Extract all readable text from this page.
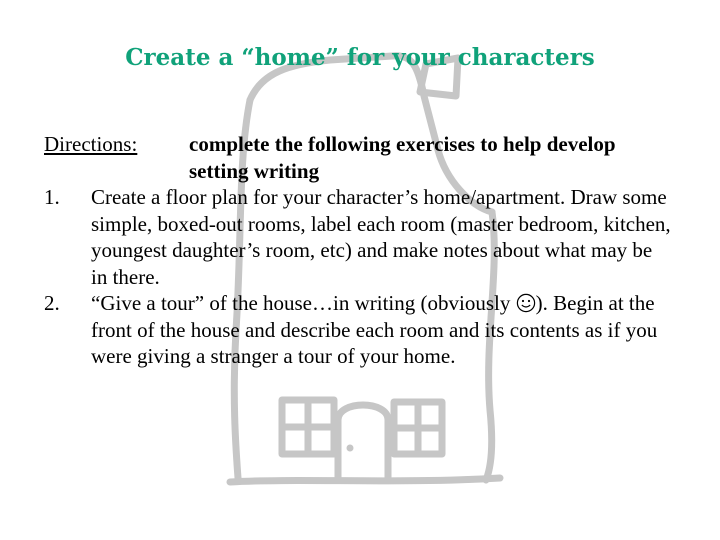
Create a “home” for your characters
Directions:	complete the following exercises to help develop setting writing
1.	Create a floor plan for your character’s home/apartment. Draw some simple, boxed-out rooms, label each room (master bedroom, kitchen, youngest daughter’s room, etc) and make notes about what may be in there.
2.	“Give a tour” of the house…in writing (obviously ). Begin at the front of the house and describe each room and its contents as if you were giving a stranger a tour of your home.
